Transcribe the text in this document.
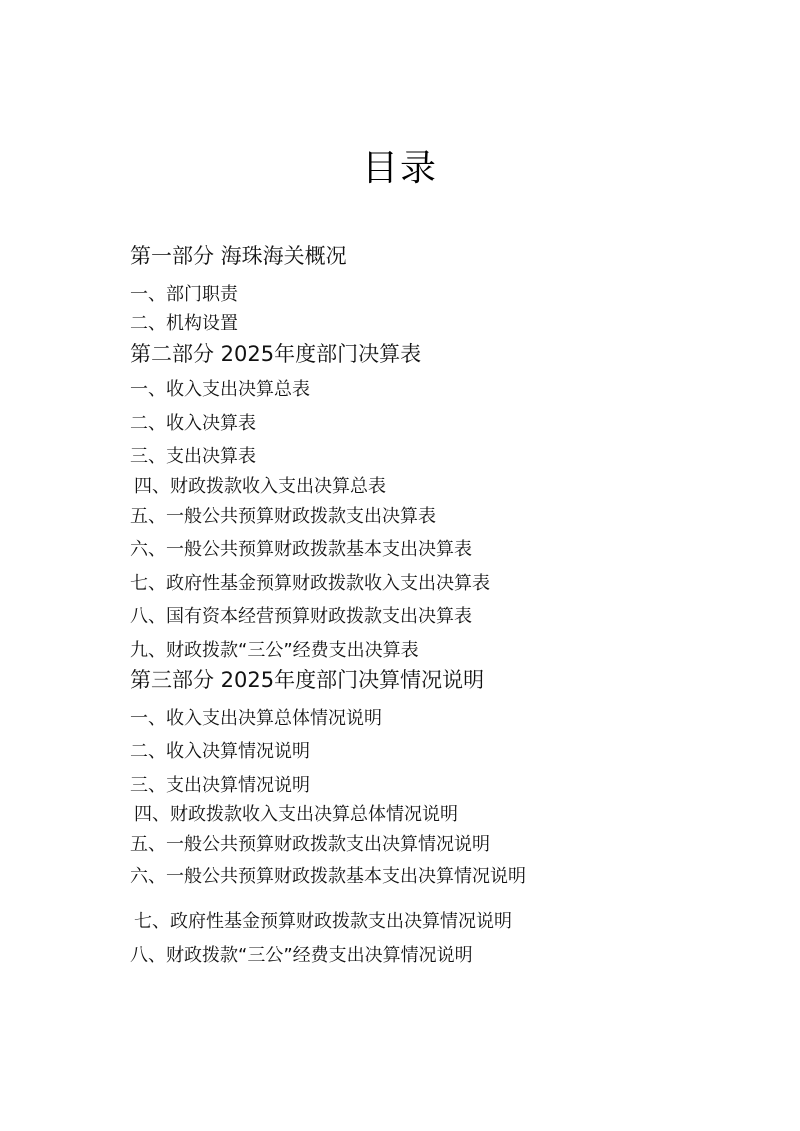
目录
第一部分 海珠海关概况
一、部门职责
二、机构设置
第二部分 2025年度部门决算表
一、收入支出决算总表
二、收入决算表
三、支出决算表
四、财政拨款收入支出决算总表
五、一般公共预算财政拨款支出决算表
六、一般公共预算财政拨款基本支出决算表
七、政府性基金预算财政拨款收入支出决算表
八、国有资本经营预算财政拨款支出决算表
九、财政拨款“三公”经费支出决算表
第三部分 2025年度部门决算情况说明
一、收入支出决算总体情况说明
二、收入决算情况说明
三、支出决算情况说明
四、财政拨款收入支出决算总体情况说明
五、一般公共预算财政拨款支出决算情况说明
六、一般公共预算财政拨款基本支出决算情况说明
七、政府性基金预算财政拨款支出决算情况说明
八、财政拨款“三公”经费支出决算情况说明
